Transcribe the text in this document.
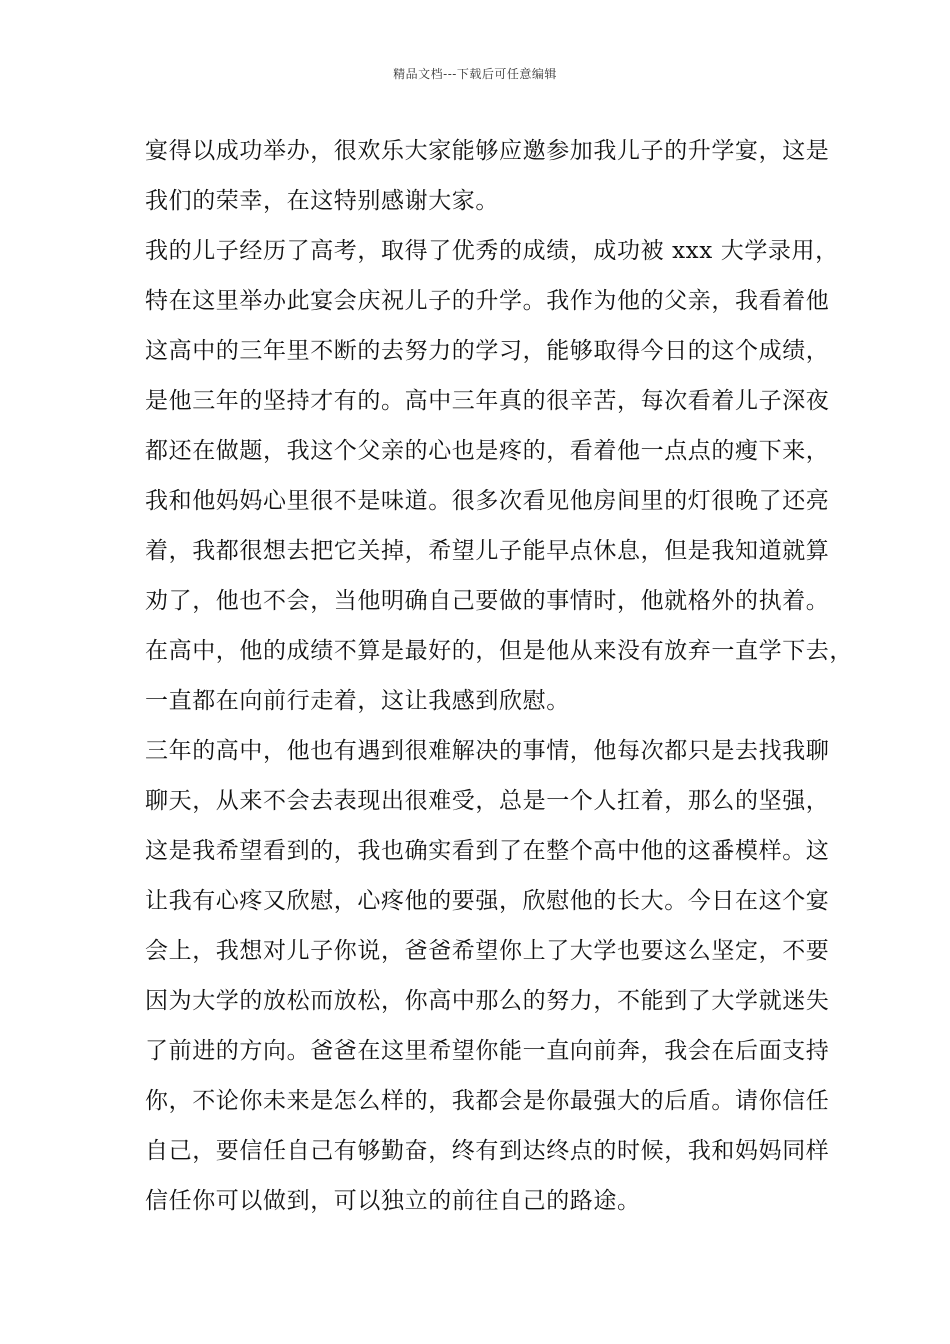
精品文档---下载后可任意编辑
宴得以成功举办，很欢乐大家能够应邀参加我儿子的升学宴，这是
我们的荣幸，在这特别感谢大家。
我的儿子经历了高考，取得了优秀的成绩，成功被 xxx 大学录用，
特在这里举办此宴会庆祝儿子的升学。我作为他的父亲，我看着他
这高中的三年里不断的去努力的学习，能够取得今日的这个成绩，
是他三年的坚持才有的。高中三年真的很辛苦，每次看着儿子深夜
都还在做题，我这个父亲的心也是疼的，看着他一点点的瘦下来，
我和他妈妈心里很不是味道。很多次看见他房间里的灯很晚了还亮
着，我都很想去把它关掉，希望儿子能早点休息，但是我知道就算
劝了，他也不会，当他明确自己要做的事情时，他就格外的执着。
在高中，他的成绩不算是最好的，但是他从来没有放弃一直学下去，
一直都在向前行走着，这让我感到欣慰。
三年的高中，他也有遇到很难解决的事情，他每次都只是去找我聊
聊天，从来不会去表现出很难受，总是一个人扛着，那么的坚强，
这是我希望看到的，我也确实看到了在整个高中他的这番模样。这
让我有心疼又欣慰，心疼他的要强，欣慰他的长大。今日在这个宴
会上，我想对儿子你说，爸爸希望你上了大学也要这么坚定，不要
因为大学的放松而放松，你高中那么的努力，不能到了大学就迷失
了前进的方向。爸爸在这里希望你能一直向前奔，我会在后面支持
你，不论你未来是怎么样的，我都会是你最强大的后盾。请你信任
自己，要信任自己有够勤奋，终有到达终点的时候，我和妈妈同样
信任你可以做到，可以独立的前往自己的路途。
